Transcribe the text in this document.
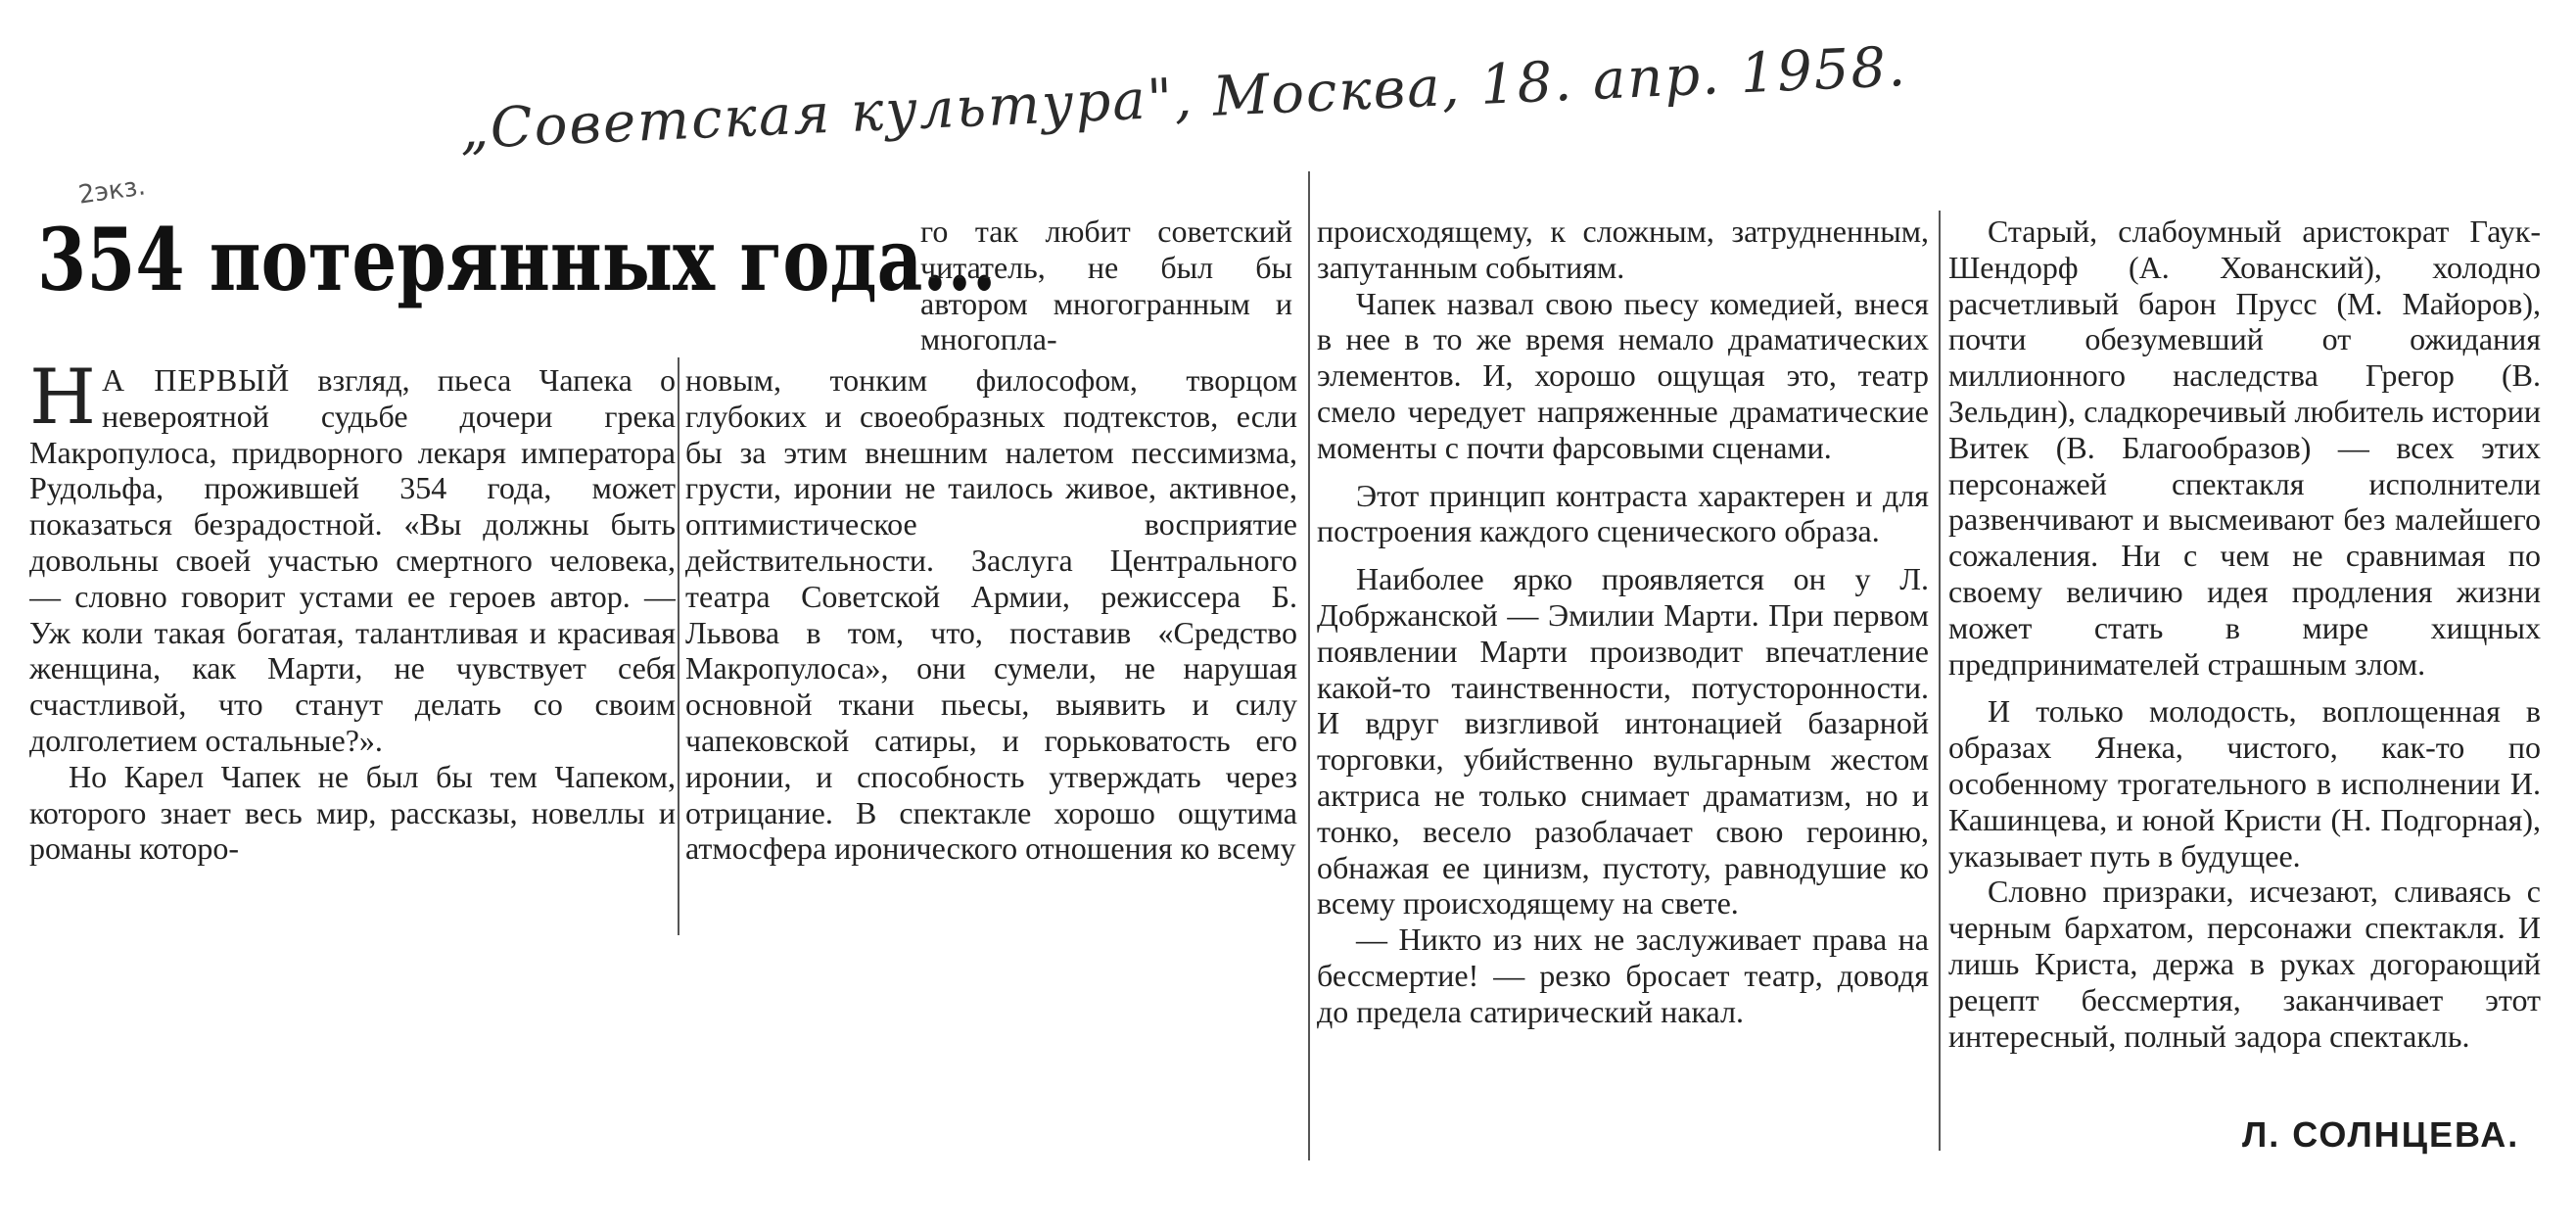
„Советская культура", Москва, 18. апр. 1958.
2экз.
354 потерянных года...

Н А ПЕРВЫЙ взгляд, пьеса Чапека о невероятной судьбе дочери грека Макропулоса, придворного лекаря императора Рудольфа, прожившей 354 года, может показаться безрадостной. «Вы должны быть довольны своей участью смертного человека, — словно говорит устами ее героев автор. — Уж коли такая богатая, талантливая и красивая женщина, как Марти, не чувствует себя счастливой, что станут делать со своим долголетием остальные?».

Но Карел Чапек не был бы тем Чапеком, которого знает весь мир, рассказы, новеллы и романы которо-

го так любит советский читатель, не был бы автором многогранным и многопла-

новым, тонким философом, творцом глубоких и своеобразных подтекстов, если бы за этим внешним налетом пессимизма, грусти, иронии не таилось живое, активное, оптимистическое восприятие действительности. Заслуга Центрального театра Советской Армии, режиссера Б. Львова в том, что, поставив «Средство Макропулоса», они сумели, не нарушая основной ткани пьесы, выявить и силу чапековской сатиры, и горьковатость его иронии, и способность утверждать через отрицание. В спектакле хорошо ощутима атмосфера иронического отношения ко всему

происходящему, к сложным, затрудненным, запутанным событиям.

Чапек назвал свою пьесу комедией, внеся в нее в то же время немало драматических элементов. И, хорошо ощущая это, театр смело чередует напряженные драматические моменты с почти фарсовыми сценами.

Этот принцип контраста характерен и для построения каждого сценического образа.

Наиболее ярко проявляется он у Л. Добржанской — Эмилии Марти. При первом появлении Марти производит впечатление какой-то таинственности, потусторонности. И вдруг визгливой интонацией базарной торговки, убийственно вульгарным жестом актриса не только снимает драматизм, но и тонко, весело разоблачает свою героиню, обнажая ее цинизм, пустоту, равнодушие ко всему происходящему на свете.

— Никто из них не заслуживает права на бессмертие! — резко бросает театр, доводя до предела сатирический накал.

Старый, слабоумный аристократ Гаук-Шендорф (А. Хованский), холодно расчетливый барон Прусс (М. Майоров), почти обезумевший от ожидания миллионного наследства Грегор (В. Зельдин), сладкоречивый любитель истории Витек (В. Благообразов) — всех этих персонажей спектакля исполнители развенчивают и высмеивают без малейшего сожаления. Ни с чем не сравнимая по своему величию идея продления жизни может стать в мире хищных предпринимателей страшным злом.

И только молодость, воплощенная в образах Янека, чистого, как-то по особенному трогательного в исполнении И. Кашинцева, и юной Кристи (Н. Подгорная), указывает путь в будущее.

Словно призраки, исчезают, сливаясь с черным бархатом, персонажи спектакля. И лишь Криста, держа в руках догорающий рецепт бессмертия, заканчивает этот интересный, полный задора спектакль.

Л. СОЛНЦЕВА.
